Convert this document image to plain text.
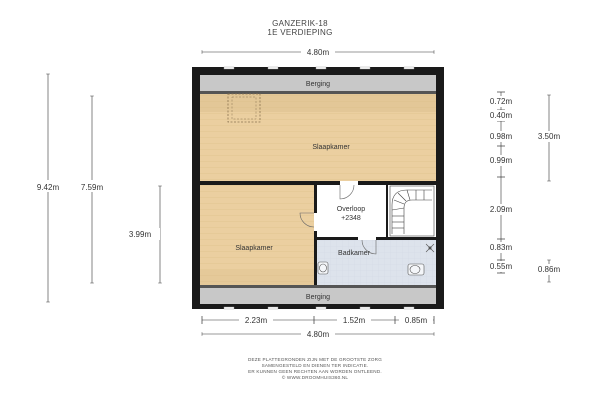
GANZERIK-18
1E VERDIEPING
Berging
Slaapkamer
Overloop
+2348
Slaapkamer
Badkamer
Berging
4.80m
9.42m	7.59m
3.99m
0.72m
0.40m
0.98m
0.99m
2.09m
0.83m
0.55m
3.50m
0.86m
2.23m	1.52m	0.85m
4.80m
DEZE PLATTEGRONDEN ZIJN MET DE GROOTSTE ZORG
SAMENGESTELD EN DIENEN TER INDICATIE.
ER KUNNEN GEEN RECHTEN AAN WORDEN ONTLEEND.
© WWW.DROOMHUIS360.NL
